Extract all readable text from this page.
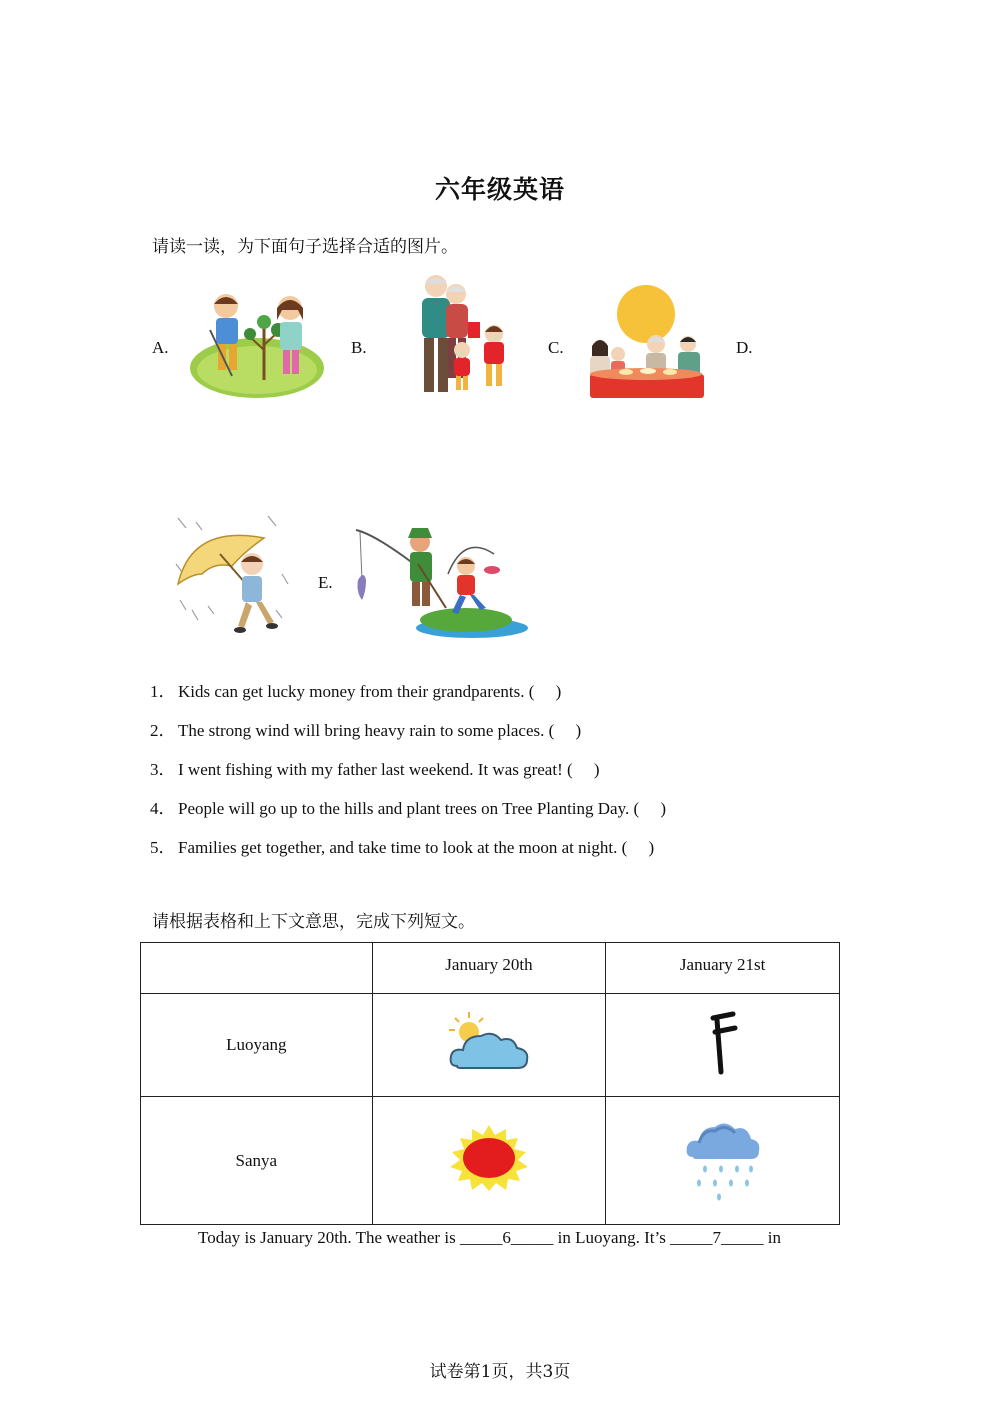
六年级英语
请读一读，为下面句子选择合适的图片。
A.	B.	C.	D.
E.
1． Kids can get lucky money from their grandparents. (　 )
2． The strong wind will bring heavy rain to some places. (　 )
3． I went fishing with my father last weekend. It was great! (　 )
4． People will go up to the hills and plant trees on Tree Planting Day. (　 )
5． Families get together, and take time to look at the moon at night. (　 )
请根据表格和上下文意思，完成下列短文。
	January 20th	January 21st
Luoyang		
Sanya		
Today is January 20th. The weather is _____6_____ in Luoyang. It’s _____7_____ in
试卷第1页，共3页
